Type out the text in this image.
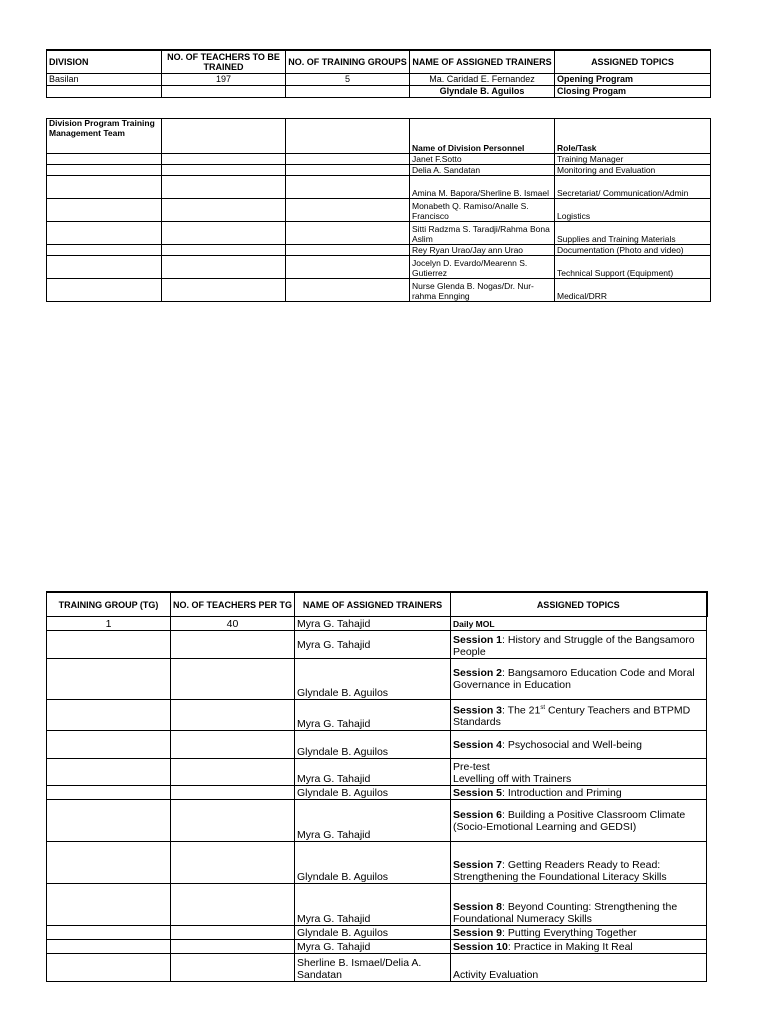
DIVISION	NO. OF TEACHERS TO BE TRAINED	NO. OF TRAINING GROUPS	NAME OF ASSIGNED TRAINERS	ASSIGNED TOPICS
Basilan	197	5	Ma. Caridad E. Fernandez	Opening Program
			Glyndale B. Aguilos	Closing Progam
Division Program Training Management Team			Name of Division Personnel	Role/Task
			Janet F.Sotto	Training Manager
			Delia A. Sandatan	Monitoring and Evaluation
			Amina M. Bapora/Sherline B. Ismael	Secretariat/ Communication/Admin
			Monabeth Q. Ramiso/Analle S. Francisco	Logistics
			Sitti Radzma S. Taradji/Rahma Bona Aslim	Supplies and Training Materials
			Rey Ryan Urao/Jay ann Urao	Documentation (Photo and video)
			Jocelyn D. Evardo/Mearenn S. Gutierrez	Technical Support (Equipment)
			Nurse Glenda B. Nogas/Dr. Nur-rahma Ennging	Medical/DRR
TRAINING GROUP (TG)	NO. OF TEACHERS PER TG	NAME OF ASSIGNED TRAINERS	ASSIGNED TOPICS
1	40	Myra G. Tahajid	Daily MOL
		Myra G. Tahajid	Session 1: History and Struggle of the Bangsamoro People
		Glyndale B. Aguilos	Session 2: Bangsamoro Education Code and Moral Governance in Education
		Myra G. Tahajid	Session 3: The 21st Century Teachers and BTPMD Standards
		Glyndale B. Aguilos	Session 4: Psychosocial and Well-being
		Myra G. Tahajid	Pre-test
Levelling off with Trainers

		Glyndale B. Aguilos	Session 5: Introduction and Priming
		Myra G. Tahajid	Session 6: Building a Positive Classroom Climate (Socio-Emotional Learning and GEDSI)
		Glyndale B. Aguilos	Session 7: Getting Readers Ready to Read: Strengthening the Foundational Literacy Skills
		Myra G. Tahajid	Session 8: Beyond Counting: Strengthening the Foundational Numeracy Skills
		Glyndale B. Aguilos	Session 9: Putting Everything Together
		Myra G. Tahajid	Session 10: Practice in Making It Real
		Sherline B. Ismael/Delia A. Sandatan	Activity Evaluation
